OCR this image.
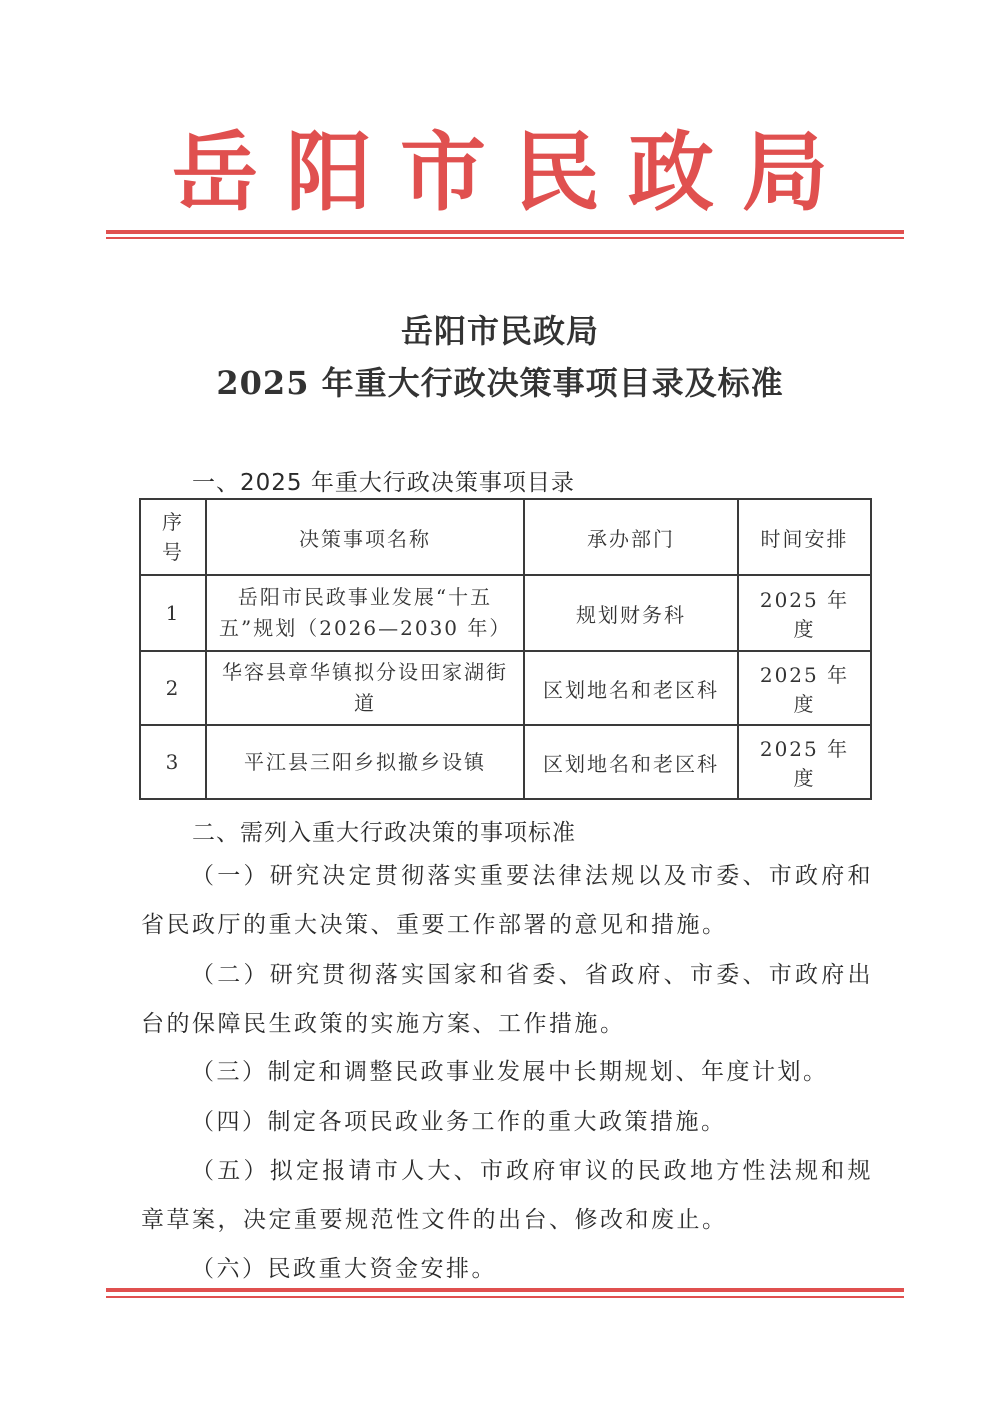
岳阳市民政局
岳阳市民政局
2025 年重大行政决策事项目录及标准
一、2025 年重大行政决策事项目录
序号	决策事项名称	承办部门	时间安排
1	岳阳市民政事业发展“十五五”规划（2026—2030 年）	规划财务科	2025 年度
2	华容县章华镇拟分设田家湖街道	区划地名和老区科	2025 年度
3	平江县三阳乡拟撤乡设镇	区划地名和老区科	2025 年度
二、需列入重大行政决策的事项标准
（一）研究决定贯彻落实重要法律法规以及市委、市政府和省民政厅的重大决策、重要工作部署的意见和措施。
（二）研究贯彻落实国家和省委、省政府、市委、市政府出台的保障民生政策的实施方案、工作措施。
（三）制定和调整民政事业发展中长期规划、年度计划。
（四）制定各项民政业务工作的重大政策措施。
（五）拟定报请市人大、市政府审议的民政地方性法规和规章草案，决定重要规范性文件的出台、修改和废止。
（六）民政重大资金安排。
